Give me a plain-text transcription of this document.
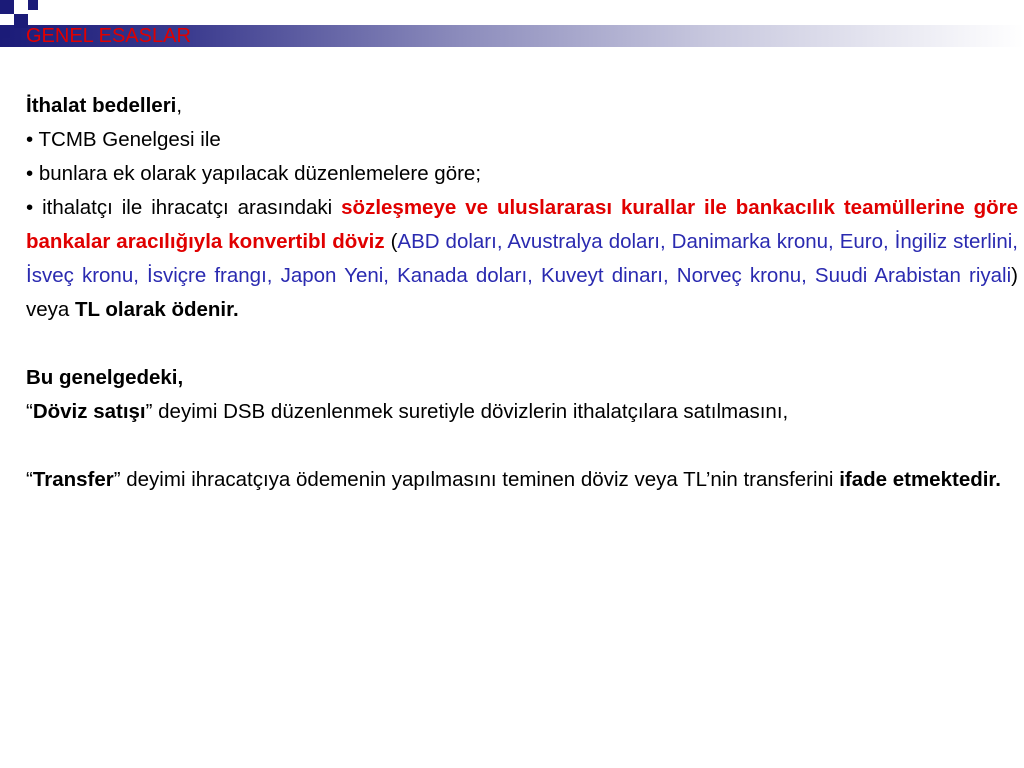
GENEL ESASLAR

İthalat bedelleri,

• TCMB Genelgesi ile

• bunlara ek olarak yapılacak düzenlemelere göre;

• ithalatçı ile ihracatçı arasındaki sözleşmeye ve uluslararası kurallar ile bankacılık teamüllerine göre bankalar aracılığıyla konvertibl döviz (ABD doları, Avustralya doları, Danimarka kronu, Euro, İngiliz sterlini, İsveç kronu, İsviçre frangı, Japon Yeni, Kanada doları, Kuveyt dinarı, Norveç kronu, Suudi Arabistan riyali) veya TL olarak ödenir.

Bu genelgedeki,

“Döviz satışı” deyimi DSB düzenlenmek suretiyle dövizlerin ithalatçılara satılmasını,

“Transfer” deyimi ihracatçıya ödemenin yapılmasını teminen döviz veya TL’nin transferini ifade etmektedir.
